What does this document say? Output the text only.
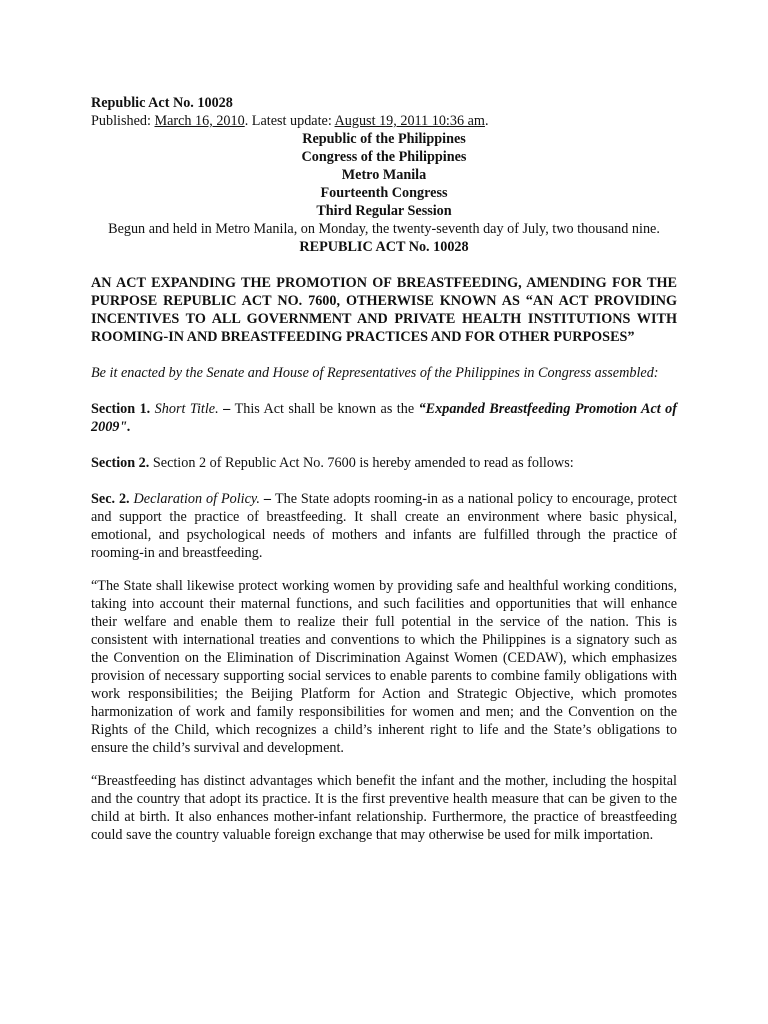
Republic Act No. 10028

Published: March 16, 2010. Latest update: August 19, 2011 10:36 am.

Republic of the Philippines

Congress of the Philippines

Metro Manila

Fourteenth Congress

Third Regular Session

Begun and held in Metro Manila, on Monday, the twenty-seventh day of July, two thousand nine.

REPUBLIC ACT No. 10028

AN ACT EXPANDING THE PROMOTION OF BREASTFEEDING, AMENDING FOR THE PURPOSE REPUBLIC ACT NO. 7600, OTHERWISE KNOWN AS “AN ACT PROVIDING INCENTIVES TO ALL GOVERNMENT AND PRIVATE HEALTH INSTITUTIONS WITH ROOMING-IN AND BREASTFEEDING PRACTICES AND FOR OTHER PURPOSES”

Be it enacted by the Senate and House of Representatives of the Philippines in Congress assembled:

Section 1. Short Title. – This Act shall be known as the “Expanded Breastfeeding Promotion Act of 2009".

Section 2. Section 2 of Republic Act No. 7600 is hereby amended to read as follows:

Sec. 2. Declaration of Policy. – The State adopts rooming-in as a national policy to encourage, protect and support the practice of breastfeeding. It shall create an environment where basic physical, emotional, and psychological needs of mothers and infants are fulfilled through the practice of rooming-in and breastfeeding.

“The State shall likewise protect working women by providing safe and healthful working conditions, taking into account their maternal functions, and such facilities and opportunities that will enhance their welfare and enable them to realize their full potential in the service of the nation. This is consistent with international treaties and conventions to which the Philippines is a signatory such as the Convention on the Elimination of Discrimination Against Women (CEDAW), which emphasizes provision of necessary supporting social services to enable parents to combine family obligations with work responsibilities; the Beijing Platform for Action and Strategic Objective, which promotes harmonization of work and family responsibilities for women and men; and the Convention on the Rights of the Child, which recognizes a child’s inherent right to life and the State’s obligations to ensure the child’s survival and development.

“Breastfeeding has distinct advantages which benefit the infant and the mother, including the hospital and the country that adopt its practice. It is the first preventive health measure that can be given to the child at birth. It also enhances mother-infant relationship. Furthermore, the practice of breastfeeding could save the country valuable foreign exchange that may otherwise be used for milk importation.
